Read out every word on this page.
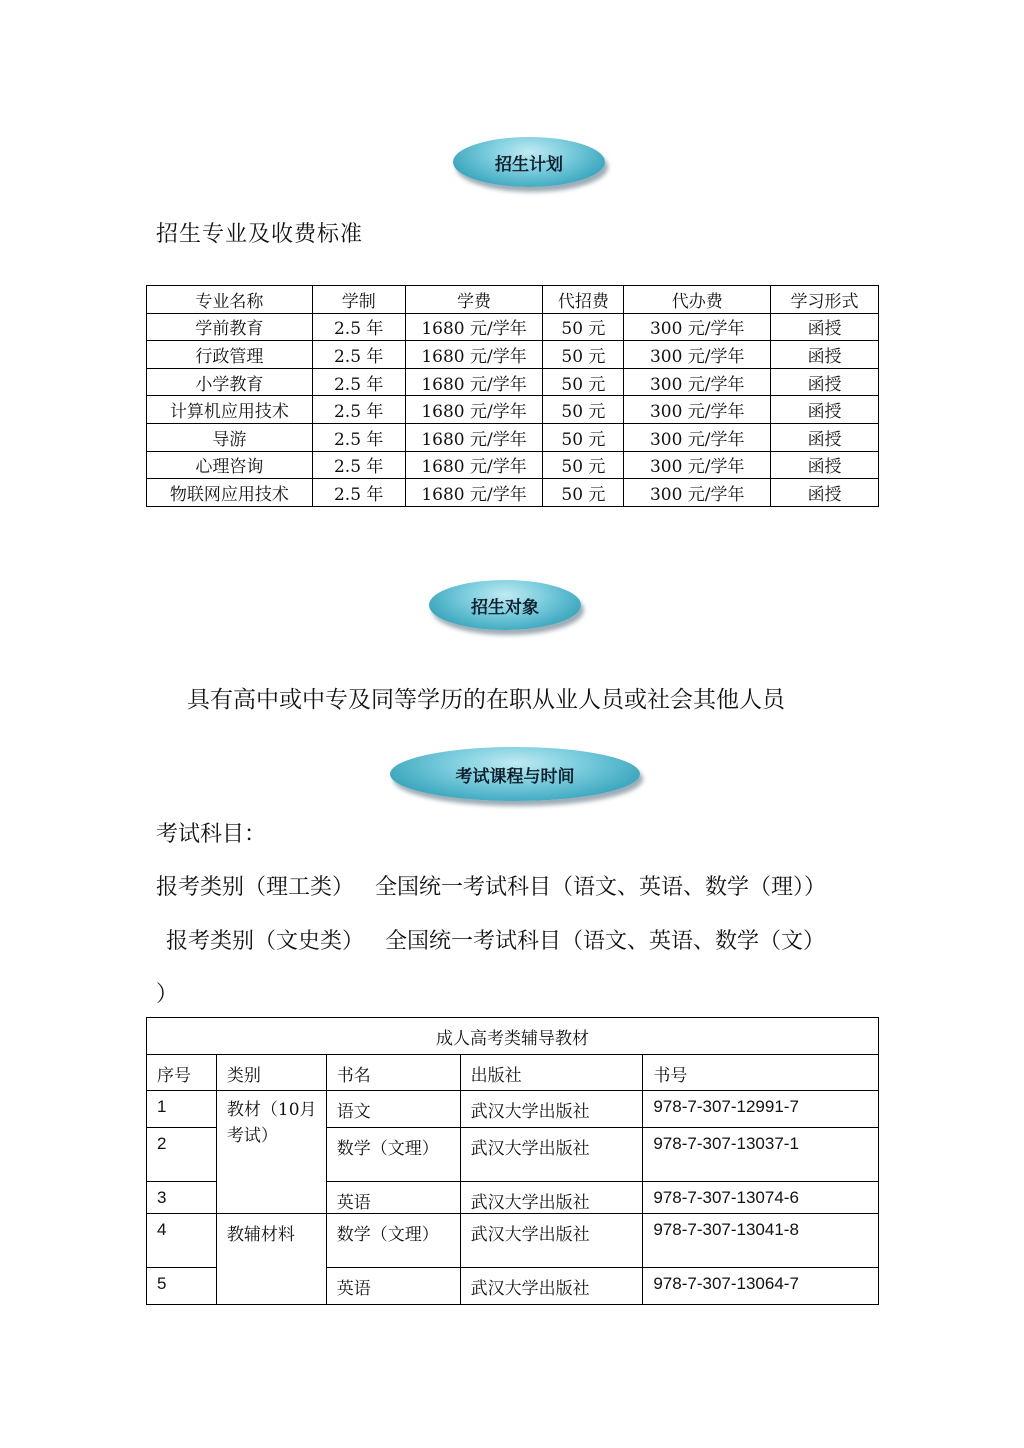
招生计划
招生专业及收费标准
专业名称	学制	学费	代招费	代办费	学习形式
学前教育	2.5 年	1680 元/学年	50 元	300 元/学年	函授
行政管理	2.5 年	1680 元/学年	50 元	300 元/学年	函授
小学教育	2.5 年	1680 元/学年	50 元	300 元/学年	函授
计算机应用技术	2.5 年	1680 元/学年	50 元	300 元/学年	函授
导游	2.5 年	1680 元/学年	50 元	300 元/学年	函授
心理咨询	2.5 年	1680 元/学年	50 元	300 元/学年	函授
物联网应用技术	2.5 年	1680 元/学年	50 元	300 元/学年	函授
招生对象
具有高中或中专及同等学历的在职从业人员或社会其他人员
考试课程与时间
考试科目：
报考类别（理工类）   全国统一考试科目（语文、英语、数学（理））
报考类别（文史类）   全国统一考试科目（语文、英语、数学（文）
）
成人高考类辅导教材				
序号	类别	书名	出版社	书号
1	教材（10月考试）	语文	武汉大学出版社	978-7-307-12991-7
2		数学（文理）	武汉大学出版社	978-7-307-13037-1
3		英语	武汉大学出版社	978-7-307-13074-6
4	教辅材料	数学（文理）	武汉大学出版社	978-7-307-13041-8
5		英语	武汉大学出版社	978-7-307-13064-7
